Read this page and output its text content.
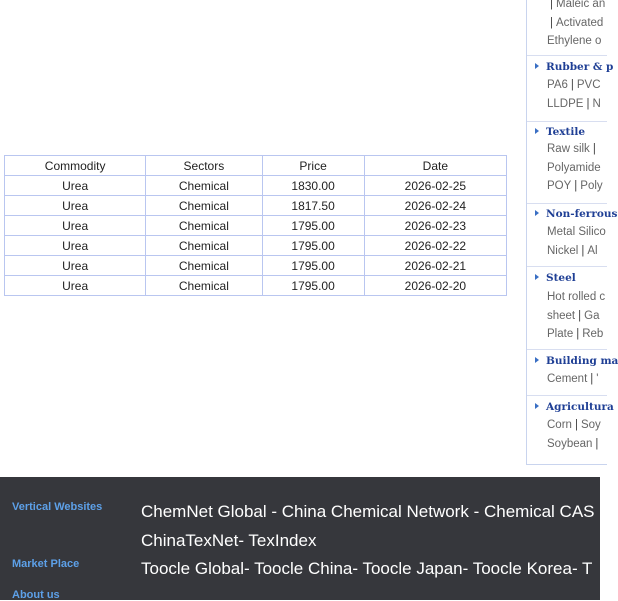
Commodity	Sectors	Price	Date
Urea	Chemical	1830.00	2026-02-25
Urea	Chemical	1817.50	2026-02-24
Urea	Chemical	1795.00	2026-02-23
Urea	Chemical	1795.00	2026-02-22
Urea	Chemical	1795.00	2026-02-21
Urea	Chemical	1795.00	2026-02-20
| Maleic an
| Activated
Ethylene o
Rubber & p
PA6 | PVC
LLDPE | N
Textile
Raw silk |
Polyamide
POY | Poly
Non-ferrous
Metal Silico
Nickel | Al
Steel
Hot rolled c
sheet | Ga
Plate | Reb
Building ma
Cement | '
Agricultura
Corn | Soy
Soybean |
Vertical Websites ChemNet Global - China Chemical Network - Chemical CAS
ChinaTexNet- TexIndex
Market Place	Toocle Global- Toocle China- Toocle Japan- Toocle Korea- T
About us
